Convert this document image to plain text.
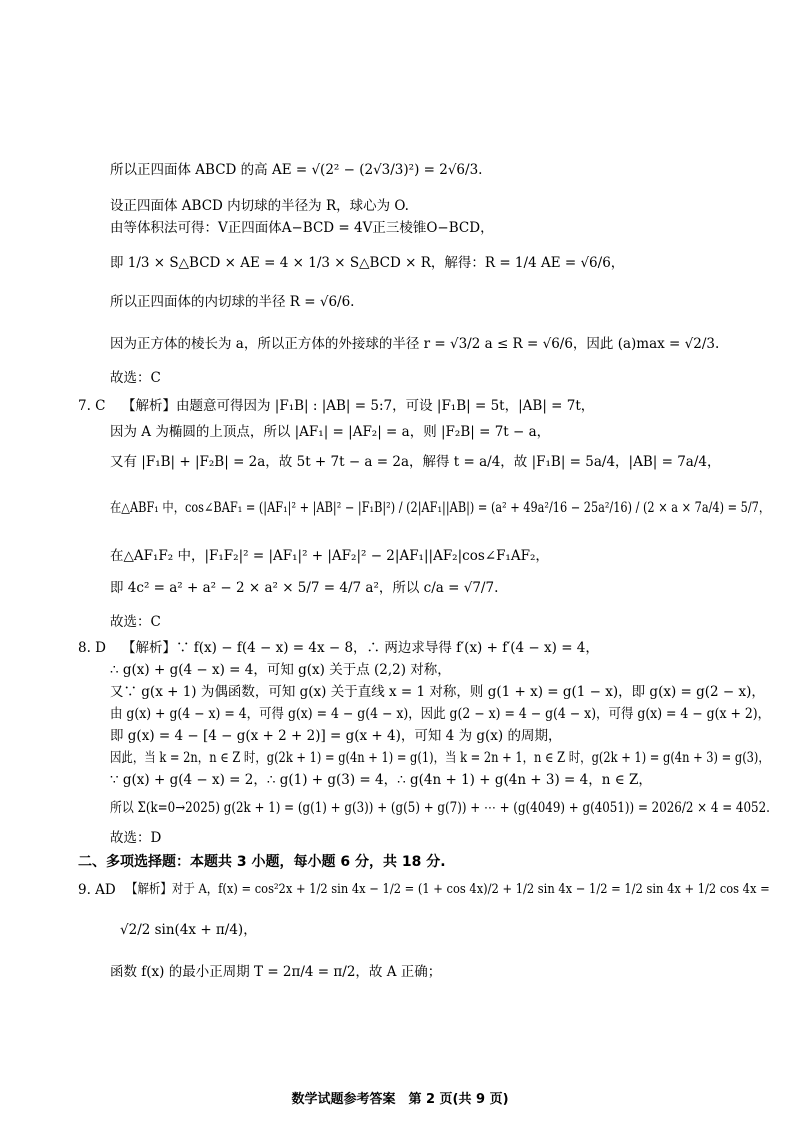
所以正四面体 ABCD 的高 AE = √(2² − (2√3/3)²) = 2√6/3.
设正四面体 ABCD 内切球的半径为 R，球心为 O.
由等体积法可得：V正四面体A−BCD = 4V正三棱锥O−BCD，
即 1/3 × S△BCD × AE = 4 × 1/3 × S△BCD × R，解得：R = 1/4 AE = √6/6，
所以正四面体的内切球的半径 R = √6/6.
因为正方体的棱长为 a，所以正方体的外接球的半径 r = √3/2 a ≤ R = √6/6，因此 (a)max = √2/3.
故选：C
7. C 【解析】由题意可得因为 |F₁B| : |AB| = 5:7，可设 |F₁B| = 5t，|AB| = 7t，
因为 A 为椭圆的上顶点，所以 |AF₁| = |AF₂| = a，则 |F₂B| = 7t − a，
又有 |F₁B| + |F₂B| = 2a，故 5t + 7t − a = 2a，解得 t = a/4，故 |F₁B| = 5a/4，|AB| = 7a/4，
在△ABF₁ 中，cos∠BAF₁ = (|AF₁|² + |AB|² − |F₁B|²) / (2|AF₁||AB|) = (a² + 49a²/16 − 25a²/16) / (2 × a × 7a/4) = 5/7，
在△AF₁F₂ 中，|F₁F₂|² = |AF₁|² + |AF₂|² − 2|AF₁||AF₂|cos∠F₁AF₂，
即 4c² = a² + a² − 2 × a² × 5/7 = 4/7 a²，所以 c/a = √7/7.
故选：C
8. D 【解析】∵ f(x) − f(4 − x) = 4x − 8，∴ 两边求导得 f′(x) + f′(4 − x) = 4，
∴ g(x) + g(4 − x) = 4，可知 g(x) 关于点 (2,2) 对称，
又∵ g(x + 1) 为偶函数，可知 g(x) 关于直线 x = 1 对称，则 g(1 + x) = g(1 − x)，即 g(x) = g(2 − x)，
由 g(x) + g(4 − x) = 4，可得 g(x) = 4 − g(4 − x)，因此 g(2 − x) = 4 − g(4 − x)，可得 g(x) = 4 − g(x + 2)，
即 g(x) = 4 − [4 − g(x + 2 + 2)] = g(x + 4)，可知 4 为 g(x) 的周期，
因此，当 k = 2n，n ∈ Z 时，g(2k + 1) = g(4n + 1) = g(1)，当 k = 2n + 1，n ∈ Z 时，g(2k + 1) = g(4n + 3) = g(3)，
∵ g(x) + g(4 − x) = 2，∴ g(1) + g(3) = 4，∴ g(4n + 1) + g(4n + 3) = 4，n ∈ Z，
所以 Σ(k=0→2025) g(2k + 1) = (g(1) + g(3)) + (g(5) + g(7)) + ⋯ + (g(4049) + g(4051)) = 2026/2 × 4 = 4052.
故选：D
二、多项选择题：本题共 3 小题，每小题 6 分，共 18 分.
9. AD 【解析】对于 A，f(x) = cos²2x + 1/2 sin 4x − 1/2 = (1 + cos 4x)/2 + 1/2 sin 4x − 1/2 = 1/2 sin 4x + 1/2 cos 4x =
√2/2 sin(4x + π/4)，
函数 f(x) 的最小正周期 T = 2π/4 = π/2，故 A 正确；
数学试题参考答案　第 2 页(共 9 页)
